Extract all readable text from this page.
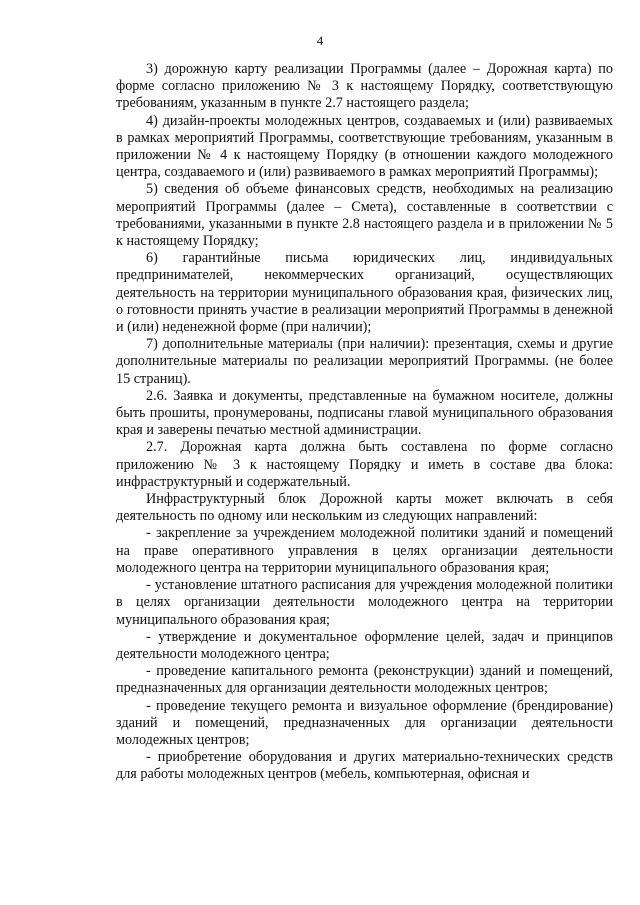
4

3) дорожную карту реализации Программы (далее – Дорожная карта) по форме согласно приложению № 3 к настоящему Порядку, соответствующую требованиям, указанным в пункте 2.7 настоящего раздела;

4) дизайн-проекты молодежных центров, создаваемых и (или) развиваемых в рамках мероприятий Программы, соответствующие требованиям, указанным в приложении № 4 к настоящему Порядку (в отношении каждого молодежного центра, создаваемого и (или) развиваемого в рамках мероприятий Программы);

5) сведения об объеме финансовых средств, необходимых на реализацию мероприятий Программы (далее – Смета), составленные в соответствии с требованиями, указанными в пункте 2.8 настоящего раздела и в приложении № 5 к настоящему Порядку;

6) гарантийные письма юридических лиц, индивидуальных предпринимателей, некоммерческих организаций, осуществляющих деятельность на территории муниципального образования края, физических лиц, о готовности принять участие в реализации мероприятий Программы в денежной и (или) неденежной форме (при наличии);

7) дополнительные материалы (при наличии): презентация, схемы и другие дополнительные материалы по реализации мероприятий Программы. (не более 15 страниц).

2.6. Заявка и документы, представленные на бумажном носителе, должны быть прошиты, пронумерованы, подписаны главой муниципального образования края и заверены печатью местной администрации.

2.7. Дорожная карта должна быть составлена по форме согласно приложению № 3 к настоящему Порядку и иметь в составе два блока: инфраструктурный и содержательный.

Инфраструктурный блок Дорожной карты может включать в себя деятельность по одному или нескольким из следующих направлений:

- закрепление за учреждением молодежной политики зданий и помещений на праве оперативного управления в целях организации деятельности молодежного центра на территории муниципального образования края;

- установление штатного расписания для учреждения молодежной политики в целях организации деятельности молодежного центра на территории муниципального образования края;

- утверждение и документальное оформление целей, задач и принципов деятельности молодежного центра;

- проведение капитального ремонта (реконструкции) зданий и помещений, предназначенных для организации деятельности молодежных центров;

- проведение текущего ремонта и визуальное оформление (брендирование) зданий и помещений, предназначенных для организации деятельности молодежных центров;

- приобретение оборудования и других материально-технических средств для работы молодежных центров (мебель, компьютерная, офисная и
